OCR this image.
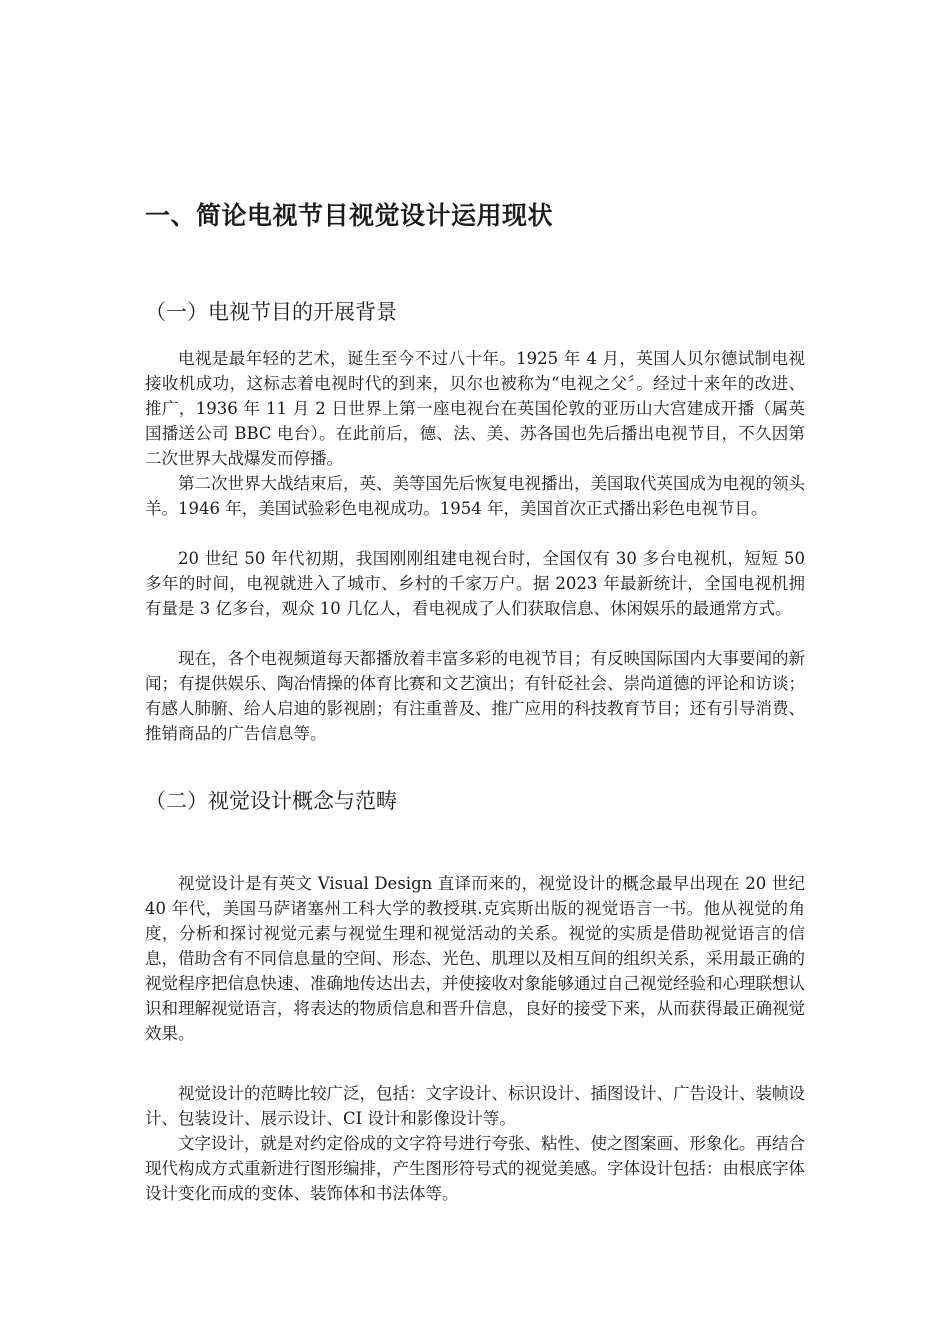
一、简论电视节目视觉设计运用现状
（一）电视节目的开展背景

电视是最年轻的艺术，诞生至今不过八十年。1925 年 4 月，英国人贝尔德试制电视接收机成功，这标志着电视时代的到来，贝尔也被称为“电视之父〞。经过十来年的改进、推广，1936 年 11 月 2 日世界上第一座电视台在英国伦敦的亚历山大宫建成开播（属英国播送公司 BBC 电台）。在此前后，德、法、美、苏各国也先后播出电视节目，不久因第二次世界大战爆发而停播。

第二次世界大战结束后，英、美等国先后恢复电视播出，美国取代英国成为电视的领头羊。1946 年，美国试验彩色电视成功。1954 年，美国首次正式播出彩色电视节目。

20 世纪 50 年代初期，我国刚刚组建电视台时，全国仅有 30 多台电视机，短短 50 多年的时间，电视就进入了城市、乡村的千家万户。据 2023 年最新统计，全国电视机拥有量是 3 亿多台，观众 10 几亿人，看电视成了人们获取信息、休闲娱乐的最通常方式。

现在，各个电视频道每天都播放着丰富多彩的电视节目；有反映国际国内大事要闻的新闻；有提供娱乐、陶冶情操的体育比赛和文艺演出；有针砭社会、崇尚道德的评论和访谈；有感人肺腑、给人启迪的影视剧；有注重普及、推广应用的科技教育节目；还有引导消费、推销商品的广告信息等。

（二）视觉设计概念与范畴

视觉设计是有英文 Visual Design 直译而来的，视觉设计的概念最早出现在 20 世纪 40 年代，美国马萨诸塞州工科大学的教授琪.克宾斯出版的视觉语言一书。他从视觉的角度，分析和探讨视觉元素与视觉生理和视觉活动的关系。视觉的实质是借助视觉语言的信息，借助含有不同信息量的空间、形态、光色、肌理以及相互间的组织关系，采用最正确的视觉程序把信息快速、准确地传达出去，并使接收对象能够通过自己视觉经验和心理联想认识和理解视觉语言，将表达的物质信息和晋升信息，良好的接受下来，从而获得最正确视觉效果。

视觉设计的范畴比较广泛，包括：文字设计、标识设计、插图设计、广告设计、装帧设计、包装设计、展示设计、CI 设计和影像设计等。

文字设计，就是对约定俗成的文字符号进行夸张、粘性、使之图案画、形象化。再结合现代构成方式重新进行图形编排，产生图形符号式的视觉美感。字体设计包括：由根底字体设计变化而成的变体、装饰体和书法体等。
